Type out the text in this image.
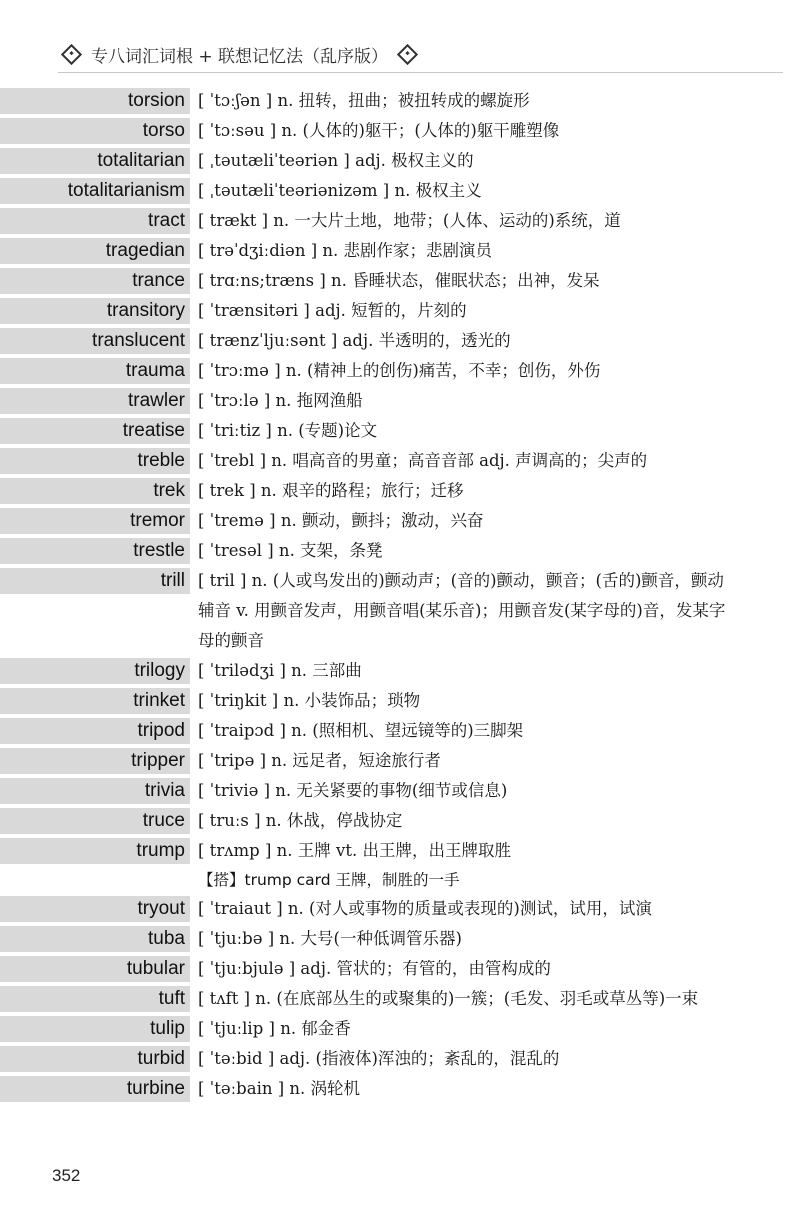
专八词汇词根 + 联想记忆法（乱序版）
torsion [ ˈtɔːʃən ] n. 扭转，扭曲；被扭转成的螺旋形
torso [ ˈtɔːsəu ] n. (人体的)躯干；(人体的)躯干雕塑像
totalitarian [ ˌtəutæliˈteəriən ] adj. 极权主义的
totalitarianism [ ˌtəutæliˈteəriənizəm ] n. 极权主义
tract [ trækt ] n. 一大片土地，地带；(人体、运动的)系统，道
tragedian [ trəˈdʒiːdiən ] n. 悲剧作家；悲剧演员
trance [ trɑːns;træns ] n. 昏睡状态，催眠状态；出神，发呆
transitory [ ˈtrænsitəri ] adj. 短暂的，片刻的
translucent [ trænzˈljuːsənt ] adj. 半透明的，透光的
trauma [ ˈtrɔːmə ] n. (精神上的创伤)痛苦，不幸；创伤，外伤
trawler [ ˈtrɔːlə ] n. 拖网渔船
treatise [ ˈtriːtiz ] n. (专题)论文
treble [ ˈtrebl ] n. 唱高音的男童；高音音部 adj. 声调高的；尖声的
trek [ trek ] n. 艰辛的路程；旅行；迁移
tremor [ ˈtremə ] n. 颤动，颤抖；激动，兴奋
trestle [ ˈtresəl ] n. 支架，条凳
trill [ tril ] n. (人或鸟发出的)颤动声；(音的)颤动，颤音；(舌的)颤音，颤动辅音 v. 用颤音发声，用颤音唱(某乐音)；用颤音发(某字母的)音，发某字母的颤音
trilogy [ ˈtrilədʒi ] n. 三部曲
trinket [ ˈtriŋkit ] n. 小装饰品；琐物
tripod [ ˈtraipɔd ] n. (照相机、望远镜等的)三脚架
tripper [ ˈtripə ] n. 远足者，短途旅行者
trivia [ ˈtriviə ] n. 无关紧要的事物(细节或信息)
truce [ truːs ] n. 休战，停战协定
trump [ trʌmp ] n. 王牌 vt. 出王牌，出王牌取胜
【搭】trump card 王牌，制胜的一手
tryout [ ˈtraiaut ] n. (对人或事物的质量或表现的)测试，试用，试演
tuba [ ˈtjuːbə ] n. 大号(一种低调管乐器)
tubular [ ˈtjuːbjulə ] adj. 管状的；有管的，由管构成的
tuft [ tʌft ] n. (在底部丛生的或聚集的)一簇；(毛发、羽毛或草丛等)一束
tulip [ ˈtjuːlip ] n. 郁金香
turbid [ ˈtəːbid ] adj. (指液体)浑浊的；紊乱的，混乱的
turbine [ ˈtəːbain ] n. 涡轮机
352
